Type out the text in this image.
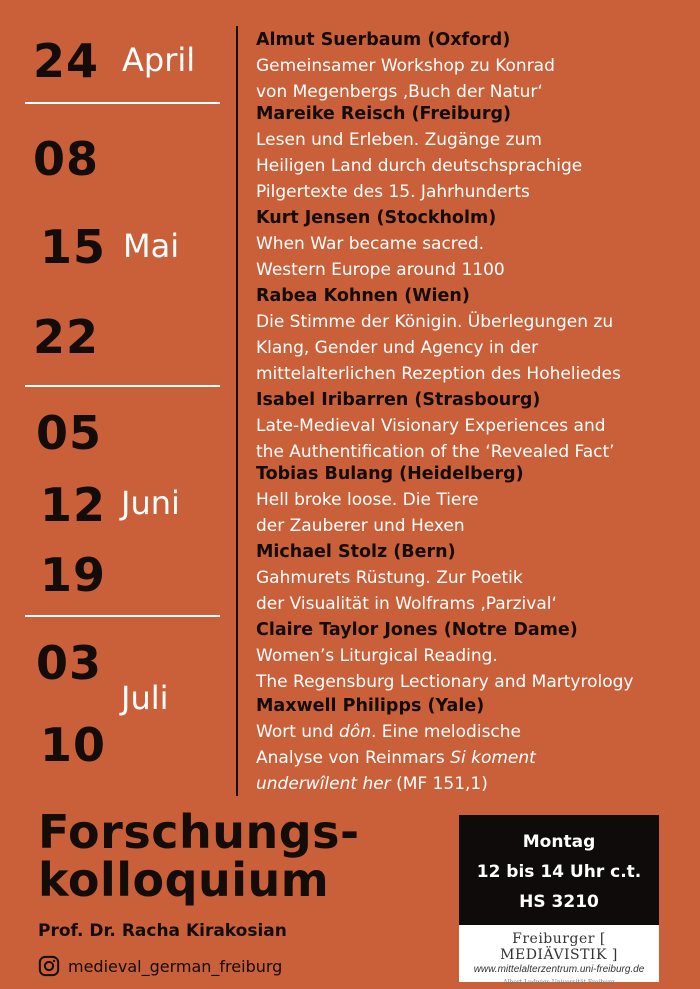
24 April
08
15 Mai
22
05
12 Juni
19
03
Juli
10
Almut Suerbaum (Oxford)
Gemeinsamer Workshop zu Konrad
von Megenbergs ‚Buch der Natur‘
Mareike Reisch (Freiburg)
Lesen und Erleben. Zugänge zum
Heiligen Land durch deutschsprachige
Pilgertexte des 15. Jahrhunderts
Kurt Jensen (Stockholm)
When War became sacred.
Western Europe around 1100
Rabea Kohnen (Wien)
Die Stimme der Königin. Überlegungen zu
Klang, Gender und Agency in der
mittelalterlichen Rezeption des Hoheliedes
Isabel Iribarren (Strasbourg)
Late-Medieval Visionary Experiences and
the Authentification of the ‘Revealed Fact’
Tobias Bulang (Heidelberg)
Hell broke loose. Die Tiere
der Zauberer und Hexen
Michael Stolz (Bern)
Gahmurets Rüstung. Zur Poetik
der Visualität in Wolframs ‚Parzival‘
Claire Taylor Jones (Notre Dame)
Women’s Liturgical Reading.
The Regensburg Lectionary and Martyrology
Maxwell Philipps (Yale)
Wort und dôn. Eine melodische
Analyse von Reinmars Si koment
underwîlent her (MF 151,1)
Forschungs-
kolloquium
Prof. Dr. Racha Kirakosian
medieval_german_freiburg
Montag
12 bis 14 Uhr c.t.
HS 3210
Freiburger [ MEDIÄVISTIK ]
www.mittelalterzentrum.uni-freiburg.de
Albert-Ludwigs-Universität Freiburg
